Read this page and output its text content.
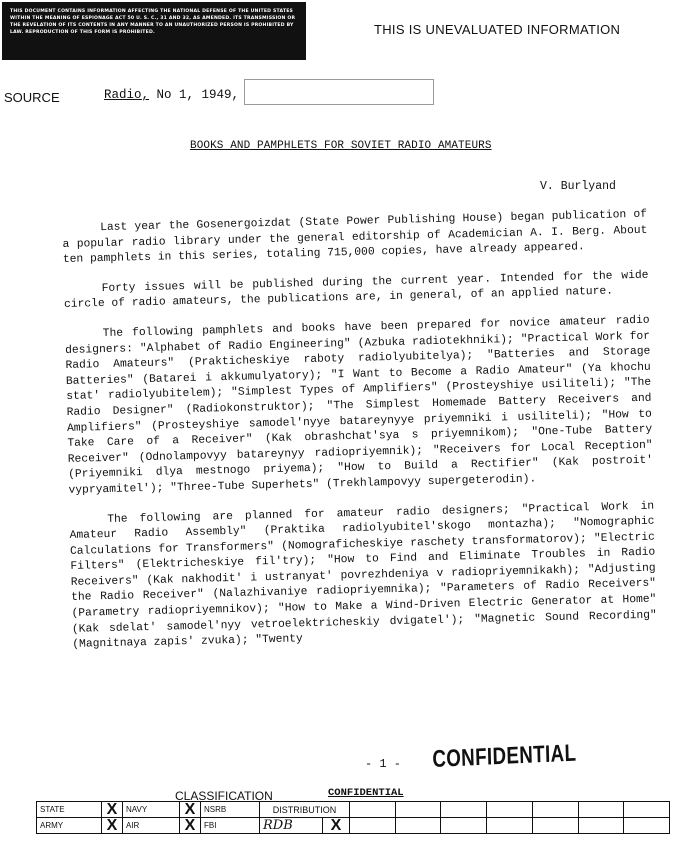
THIS DOCUMENT CONTAINS INFORMATION AFFECTING THE NATIONAL DEFENSE OF THE UNITED STATES WITHIN THE MEANING OF ESPIONAGE ACT 50 U. S. C., 31 AND 32, AS AMENDED. ITS TRANSMISSION OR THE REVELATION OF ITS CONTENTS IN ANY MANNER TO AN UNAUTHORIZED PERSON IS PROHIBITED BY LAW. REPRODUCTION OF THIS FORM IS PROHIBITED.	THIS IS UNEVALUATED INFORMATION
SOURCE	Radio, No 1, 1949,
BOOKS AND PAMPHLETS FOR SOVIET RADIO AMATEURS
V. Burlyand

Last year the Gosenergoizdat (State Power Publishing House) began publication of a popular radio library under the general editorship of Academician A. I. Berg. About ten pamphlets in this series, totaling 715,000 copies, have already appeared.

Forty issues will be published during the current year. Intended for the wide circle of radio amateurs, the publications are, in general, of an applied nature.

The following pamphlets and books have been prepared for novice amateur radio designers: "Alphabet of Radio Engineering" (Azbuka radiotekhniki); "Practical Work for Radio Amateurs" (Prakticheskiye raboty radiolyubitelya); "Batteries and Storage Batteries" (Batarei i akkumulyatory); "I Want to Become a Radio Amateur" (Ya khochu stat' radiolyubitelem); "Simplest Types of Amplifiers" (Prosteyshiye usiliteli); "The Radio Designer" (Radiokonstruktor); "The Simplest Homemade Battery Receivers and Amplifiers" (Prosteyshiye samodel'nyye batareynyye priyemniki i usiliteli); "How to Take Care of a Receiver" (Kak obrashchat'sya s priyemnikom); "One-Tube Battery Receiver" (Odnolampovyy batareynyy radiopriyemnik); "Receivers for Local Reception" (Priyemniki dlya mestnogo priyema); "How to Build a Rectifier" (Kak postroit' vypryamitel'); "Three-Tube Superhets" (Trekhlampovyy supergeterodin).

The following are planned for amateur radio designers; "Practical Work in Amateur Radio Assembly" (Praktika radiolyubitel'skogo montazha); "Nomographic Calculations for Transformers" (Nomograficheskiye raschety transformatorov); "Electric Filters" (Elektricheskiye fil'try); "How to Find and Eliminate Troubles in Radio Receivers" (Kak nakhodit' i ustranyat' povrezhdeniya v radiopriyemnikakh); "Adjusting the Radio Receiver" (Nalazhivaniye radiopriyemnika); "Parameters of Radio Receivers" (Parametry radiopriyemnikov); "How to Make a Wind-Driven Electric Generator at Home" (Kak sdelat' samodel'nyy vetroelektricheskiy dvigatel'); "Magnetic Sound Recording" (Magnitnaya zapis' zvuka); "Twenty

- 1 - CONFIDENTIAL
CLASSIFICATION	CONFIDENTIAL
STATE	X	NAVY	X	NSRB	DISTRIBUTION								
ARMY	X	AIR	X	FBI	RDB	X							
